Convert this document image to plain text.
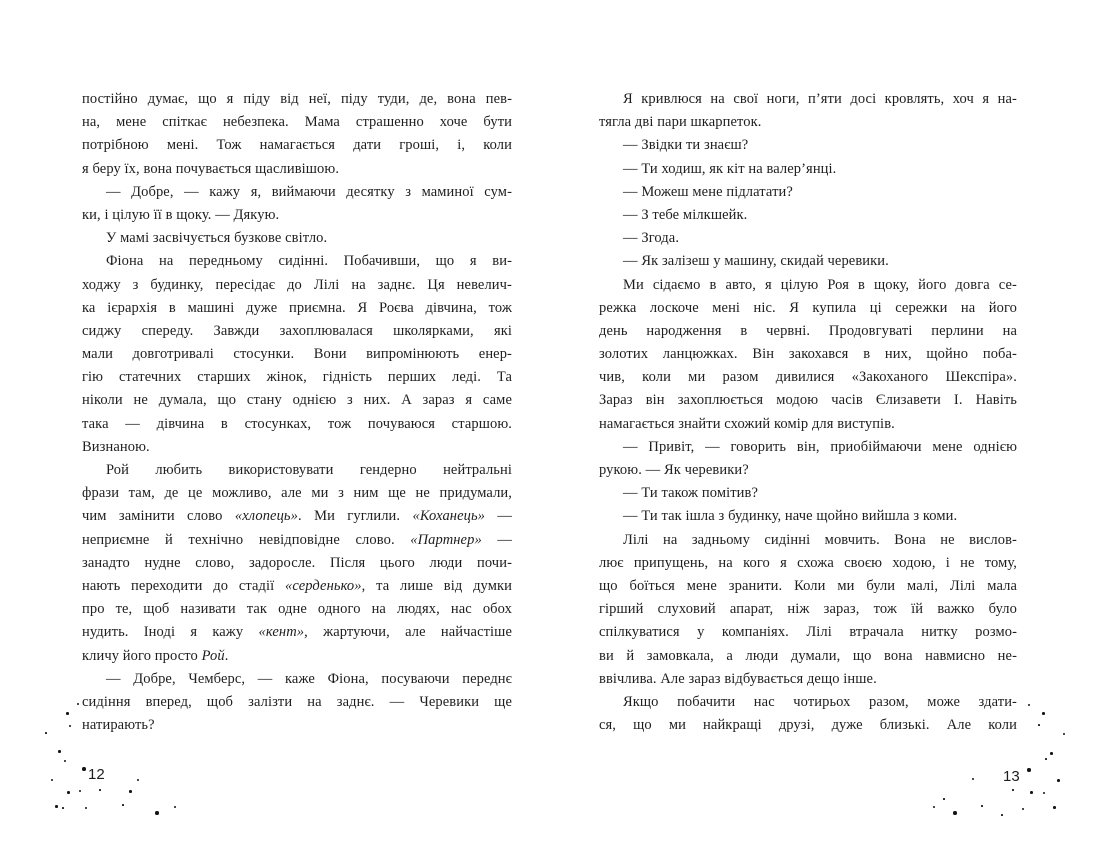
постійно думає, що я піду від неї, піду туди, де, вона пев-
на, мене спіткає небезпека. Мама страшенно хоче бути
потрібною мені. Тож намагається дати гроші, і, коли
я беру їх, вона почувається щасливішою.
— Добре, — кажу я, виймаючи десятку з маминої сум-
ки, і цілую її в щоку. — Дякую.
У мамі засвічується бузкове світло.
Фіона на передньому сидінні. Побачивши, що я ви-
ходжу з будинку, пересідає до Лілі на заднє. Ця невелич-
ка ієрархія в машині дуже приємна. Я Роєва дівчина, тож
сиджу спереду. Завжди захоплювалася школярками, які
мали довготривалі стосунки. Вони випромінюють енер-
гію статечних старших жінок, гідність перших леді. Та
ніколи не думала, що стану однією з них. А зараз я саме
така — дівчина в стосунках, тож почуваюся старшою.
Визнаною.
Рой любить використовувати гендерно нейтральні
фрази там, де це можливо, але ми з ним ще не придумали,
чим замінити слово «хлопець». Ми гуглили. «Коханець» —
неприємне й технічно невідповідне слово. «Партнер» —
занадто нудне слово, задоросле. Після цього люди почи-
нають переходити до стадії «серденько», та лише від думки
про те, щоб називати так одне одного на людях, нас обох
нудить. Іноді я кажу «кент», жартуючи, але найчастіше
кличу його просто Рой.
— Добре, Чемберс, — каже Фіона, посуваючи переднє
сидіння вперед, щоб залізти на заднє. — Черевики ще
натирають?
Я кривлюся на свої ноги, п’яти досі кровлять, хоч я на-
тягла дві пари шкарпеток.
— Звідки ти знаєш?
— Ти ходиш, як кіт на валер’янці.
— Можеш мене підлатати?
— З тебе мілкшейк.
— Згода.
— Як залізеш у машину, скидай черевики.
Ми сідаємо в авто, я цілую Роя в щоку, його довга се-
режка лоскоче мені ніс. Я купила ці сережки на його
день народження в червні. Продовгуваті перлини на
золотих ланцюжках. Він закохався в них, щойно поба-
чив, коли ми разом дивилися «Закоханого Шекспіра».
Зараз він захоплюється модою часів Єлизавети I. Навіть
намагається знайти схожий комір для виступів.
— Привіт, — говорить він, приобіймаючи мене однією
рукою. — Як черевики?
— Ти також помітив?
— Ти так ішла з будинку, наче щойно вийшла з коми.
Лілі на задньому сидінні мовчить. Вона не вислов-
лює припущень, на кого я схожа своєю ходою, і не тому,
що боїться мене зранити. Коли ми були малі, Лілі мала
гірший слуховий апарат, ніж зараз, тож їй важко було
спілкуватися у компаніях. Лілі втрачала нитку розмо-
ви й замовкала, а люди думали, що вона навмисно не-
ввічлива. Але зараз відбувається дещо інше.
Якщо побачити нас чотирьох разом, може здати-
ся, що ми найкращі друзі, дуже близькі. Але коли
12	13
